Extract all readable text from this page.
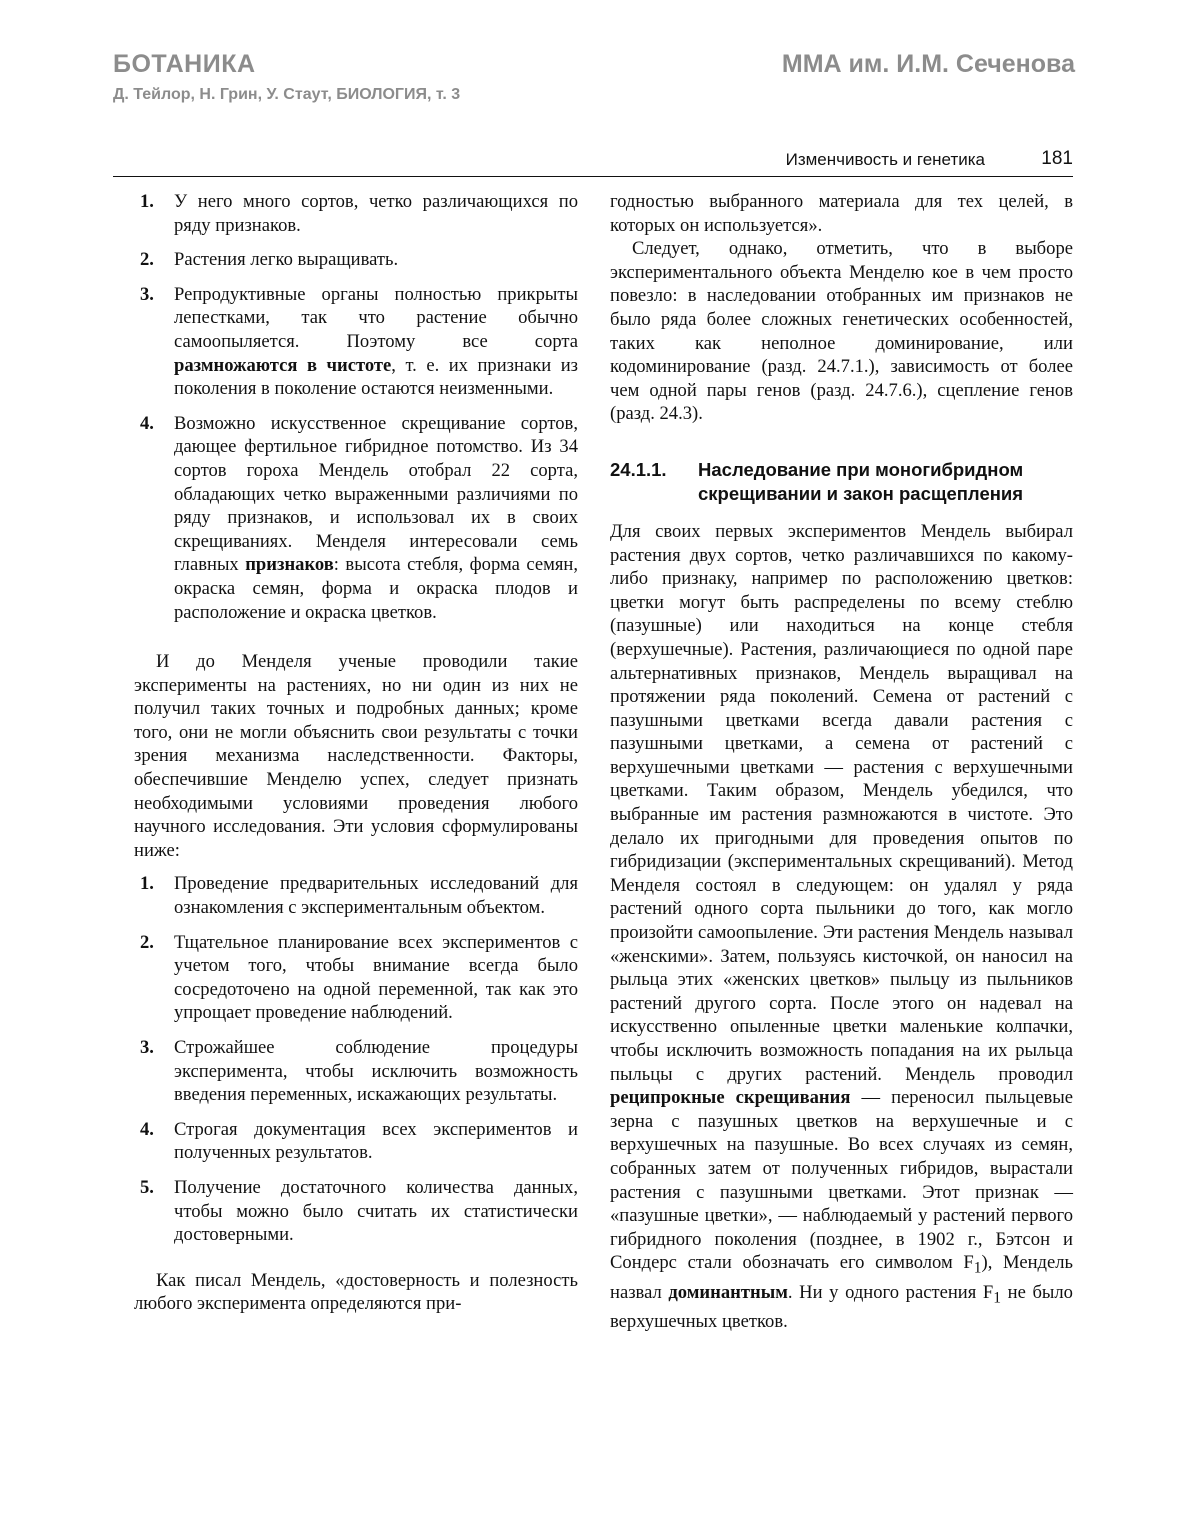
БОТАНИКА
Д. Тейлор, Н. Грин, У. Стаут, БИОЛОГИЯ, т. 3
ММА им. И.М. Сеченова
Изменчивость и генетика	181
1. У него много сортов, четко различающихся по ряду признаков.
2. Растения легко выращивать.
3. Репродуктивные органы полностью прикрыты лепестками, так что растение обычно самоопыляется. Поэтому все сорта размножаются в чистоте, т. е. их признаки из поколения в поколение остаются неизменными.
4. Возможно искусственное скрещивание сортов, дающее фертильное гибридное потомство. Из 34 сортов гороха Мендель отобрал 22 сорта, обладающих четко выраженными различиями по ряду признаков, и использовал их в своих скрещиваниях. Менделя интересовали семь главных признаков: высота стебля, форма семян, окраска семян, форма и окраска плодов и расположение и окраска цветков.

И до Менделя ученые проводили такие эксперименты на растениях, но ни один из них не получил таких точных и подробных данных; кроме того, они не могли объяснить свои результаты с точки зрения механизма наследственности. Факторы, обеспечившие Менделю успех, следует признать необходимыми условиями проведения любого научного исследования. Эти условия сформулированы ниже:

1. Проведение предварительных исследований для ознакомления с экспериментальным объектом.
2. Тщательное планирование всех экспериментов с учетом того, чтобы внимание всегда было сосредоточено на одной переменной, так как это упрощает проведение наблюдений.
3. Строжайшее соблюдение процедуры эксперимента, чтобы исключить возможность введения переменных, искажающих результаты.
4. Строгая документация всех экспериментов и полученных результатов.
5. Получение достаточного количества данных, чтобы можно было считать их статистически достоверными.

Как писал Мендель, «достоверность и полезность любого эксперимента определяются при-

годностью выбранного материала для тех целей, в которых он используется».

Следует, однако, отметить, что в выборе экспериментального объекта Менделю кое в чем просто повезло: в наследовании отобранных им признаков не было ряда более сложных генетических особенностей, таких как неполное доминирование, или кодоминирование (разд. 24.7.1.), зависимость от более чем одной пары генов (разд. 24.7.6.), сцепление генов (разд. 24.3).

24.1.1. Наследование при моногибридном скрещивании и закон расщепления

Для своих первых экспериментов Мендель выбирал растения двух сортов, четко различавшихся по какому-либо признаку, например по расположению цветков: цветки могут быть распределены по всему стеблю (пазушные) или находиться на конце стебля (верхушечные). Растения, различающиеся по одной паре альтернативных признаков, Мендель выращивал на протяжении ряда поколений. Семена от растений с пазушными цветками всегда давали растения с пазушными цветками, а семена от растений с верхушечными цветками — растения с верхушечными цветками. Таким образом, Мендель убедился, что выбранные им растения размножаются в чистоте. Это делало их пригодными для проведения опытов по гибридизации (экспериментальных скрещиваний). Метод Менделя состоял в следующем: он удалял у ряда растений одного сорта пыльники до того, как могло произойти самоопыление. Эти растения Мендель называл «женскими». Затем, пользуясь кисточкой, он наносил на рыльца этих «женских цветков» пыльцу из пыльников растений другого сорта. После этого он надевал на искусственно опыленные цветки маленькие колпачки, чтобы исключить возможность попадания на их рыльца пыльцы с других растений. Мендель проводил реципрокные скрещивания — переносил пыльцевые зерна с пазушных цветков на верхушечные и с верхушечных на пазушные. Во всех случаях из семян, собранных затем от полученных гибридов, вырастали растения с пазушными цветками. Этот признак — «пазушные цветки», — наблюдаемый у растений первого гибридного поколения (позднее, в 1902 г., Бэтсон и Сондерс стали обозначать его символом $F_1$), Мендель назвал доминантным. Ни у одного растения $F_1$ не было верхушечных цветков.
